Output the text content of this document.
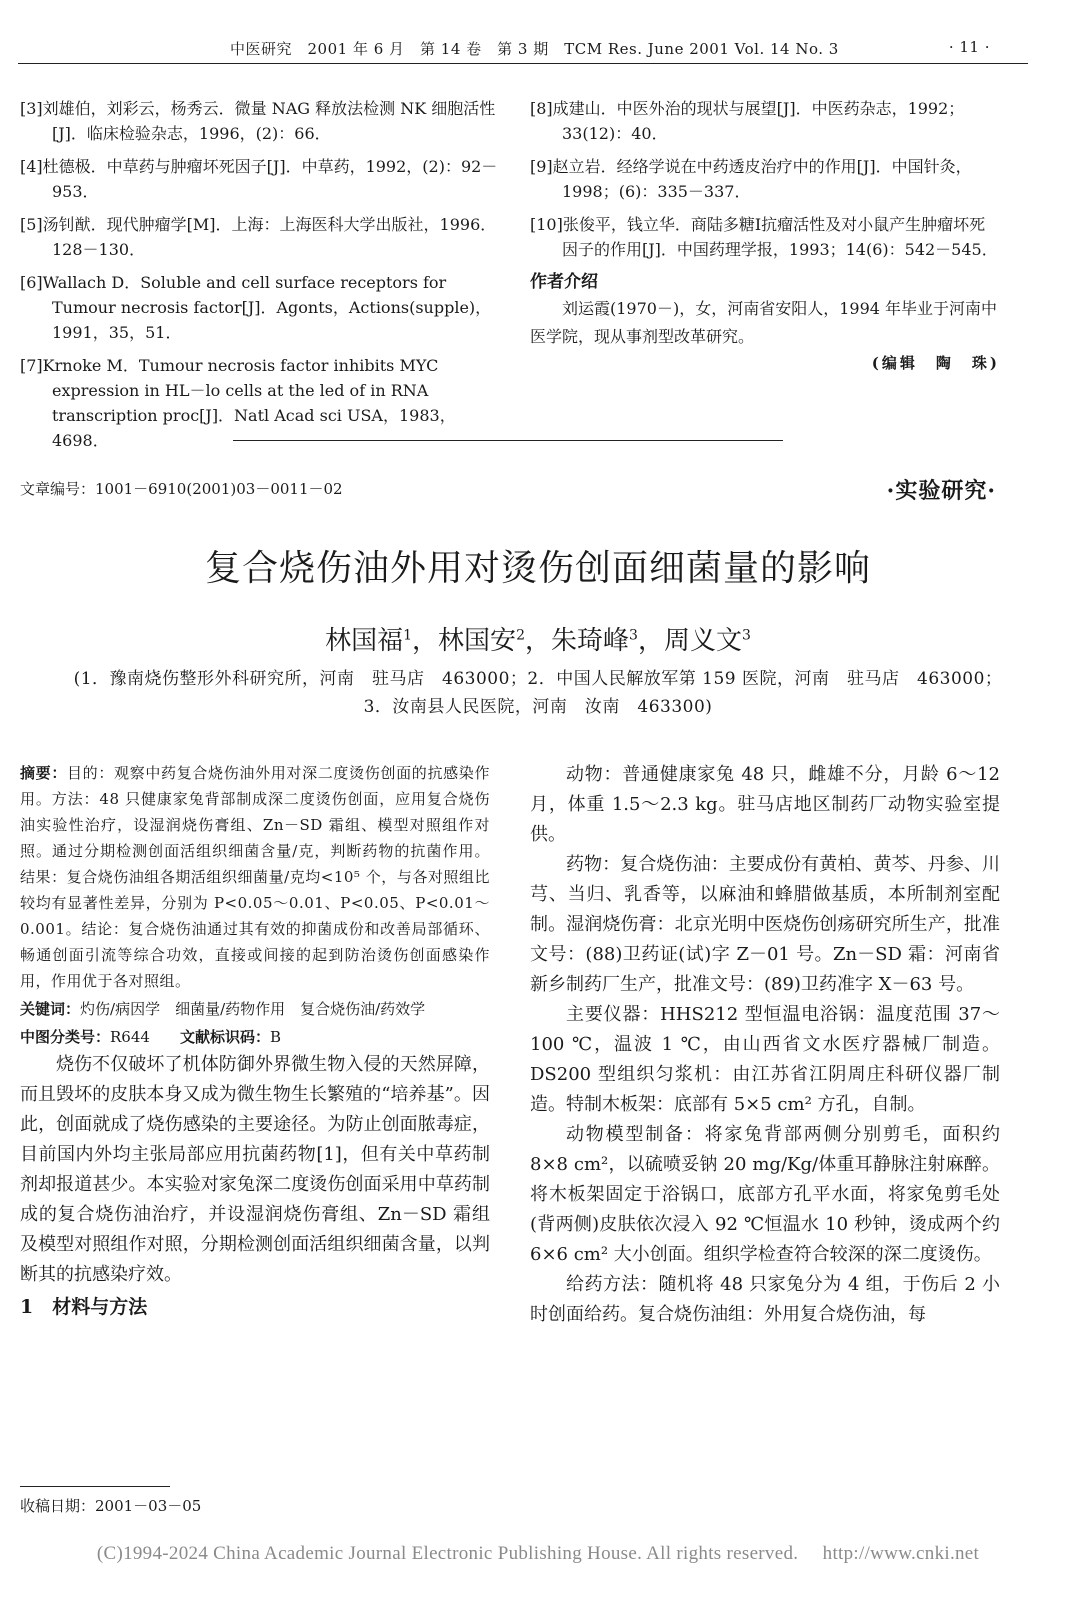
中医研究　2001 年 6 月　第 14 卷　第 3 期　TCM Res. June 2001 Vol. 14 No. 3	· 11 ·
[3]刘雄伯，刘彩云，杨秀云．微量 NAG 释放法检测 NK 细胞活性[J]．临床检验杂志，1996，(2)：66．
[4]杜德极．中草药与肿瘤坏死因子[J]．中草药，1992，(2)：92－953．
[5]汤钊猷．现代肿瘤学[M]．上海：上海医科大学出版社，1996．128－130．
[6]Wallach D．Soluble and cell surface receptors for Tumour necrosis factor[J]．Agonts，Actions(supple)，1991，35，51．
[7]Krnoke M．Tumour necrosis factor inhibits MYC expression in HL－lo cells at the led of in RNA transcription proc[J]．Natl Acad sci USA，1983，4698．
[8]成建山．中医外治的现状与展望[J]．中医药杂志，1992；33(12)：40．
[9]赵立岩．经络学说在中药透皮治疗中的作用[J]．中国针灸，1998；(6)：335－337．
[10]张俊平，钱立华．商陆多糖Ⅰ抗瘤活性及对小鼠产生肿瘤坏死因子的作用[J]．中国药理学报，1993；14(6)：542－545．
作者介绍
刘运霞(1970－)，女，河南省安阳人，1994 年毕业于河南中医学院，现从事剂型改革研究。
(编辑　陶　珠)
文章编号：1001－6910(2001)03－0011－02	·实验研究·
复合烧伤油外用对烫伤创面细菌量的影响
林国福$^1$，林国安$^2$，朱琦峰$^3$，周义文$^3$
(1．豫南烧伤整形外科研究所，河南　驻马店　463000；2．中国人民解放军第 159 医院，河南　驻马店　463000；
3．汝南县人民医院，河南　汝南　463300)
摘要：目的：观察中药复合烧伤油外用对深二度烫伤创面的抗感染作用。方法：48 只健康家兔背部制成深二度烫伤创面，应用复合烧伤油实验性治疗，设湿润烧伤膏组、Zn－SD 霜组、模型对照组作对照。通过分期检测创面活组织细菌含量/克，判断药物的抗菌作用。结果：复合烧伤油组各期活组织细菌量/克均<10⁵ 个，与各对照组比较均有显著性差异，分别为 P<0.05～0.01、P<0.05、P<0.01～0.001。结论：复合烧伤油通过其有效的抑菌成份和改善局部循环、畅通创面引流等综合功效，直接或间接的起到防治烫伤创面感染作用，作用优于各对照组。
关键词：灼伤/病因学　细菌量/药物作用　复合烧伤油/药效学
中图分类号：R644 文献标识码：B

烧伤不仅破坏了机体防御外界微生物入侵的天然屏障，而且毁坏的皮肤本身又成为微生物生长繁殖的“培养基”。因此，创面就成了烧伤感染的主要途径。为防止创面脓毒症，目前国内外均主张局部应用抗菌药物[1]，但有关中草药制剂却报道甚少。本实验对家兔深二度烫伤创面采用中草药制成的复合烧伤油治疗，并设湿润烧伤膏组、Zn－SD 霜组及模型对照组作对照，分期检测创面活组织细菌含量，以判断其的抗感染疗效。

1　材料与方法

动物：普通健康家兔 48 只，雌雄不分，月龄 6～12 月，体重 1.5～2.3 kg。驻马店地区制药厂动物实验室提供。

药物：复合烧伤油：主要成份有黄柏、黄芩、丹参、川芎、当归、乳香等，以麻油和蜂腊做基质，本所制剂室配制。湿润烧伤膏：北京光明中医烧伤创疡研究所生产，批准文号：(88)卫药证(试)字 Z－01 号。Zn－SD 霜：河南省新乡制药厂生产，批准文号：(89)卫药准字 X－63 号。

主要仪器：HHS212 型恒温电浴锅：温度范围 37～100 ℃，温波 1 ℃，由山西省文水医疗器械厂制造。DS200 型组织匀浆机：由江苏省江阴周庄科研仪器厂制造。特制木板架：底部有 5×5 cm² 方孔，自制。

动物模型制备：将家兔背部两侧分别剪毛，面积约 8×8 cm²，以硫喷妥钠 20 mg/Kg/体重耳静脉注射麻醉。将木板架固定于浴锅口，底部方孔平水面，将家兔剪毛处(背两侧)皮肤依次浸入 92 ℃恒温水 10 秒钟，烫成两个约 6×6 cm² 大小创面。组织学检查符合较深的深二度烫伤。

给药方法：随机将 48 只家兔分为 4 组，于伤后 2 小时创面给药。复合烧伤油组：外用复合烧伤油，每

收稿日期：2001－03－05
(C)1994-2024 China Academic Journal Electronic Publishing House. All rights reserved.　 http://www.cnki.net
